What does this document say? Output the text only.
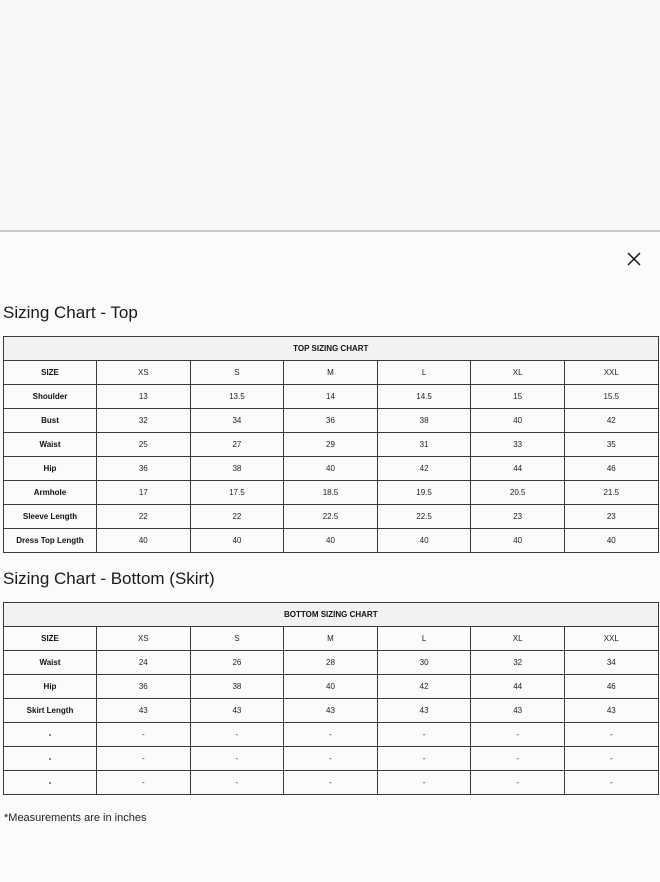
Sizing Chart - Top
TOP SIZING CHART						
SIZE	XS	S	M	L	XL	XXL
Shoulder	13	13.5	14	14.5	15	15.5
Bust	32	34	36	38	40	42
Waist	25	27	29	31	33	35
Hip	36	38	40	42	44	46
Armhole	17	17.5	18.5	19.5	20.5	21.5
Sleeve Length	22	22	22.5	22.5	23	23
Dress Top Length	40	40	40	40	40	40
Sizing Chart - Bottom (Skirt)
BOTTOM SIZING CHART						
SIZE	XS	S	M	L	XL	XXL
Waist	24	26	28	30	32	34
Hip	36	38	40	42	44	46
Skirt Length	43	43	43	43	43	43
-	-	-	-	-	-	-
-	-	-	-	-	-	-
-	-	-	-	-	-	-

*Measurements are in inches
